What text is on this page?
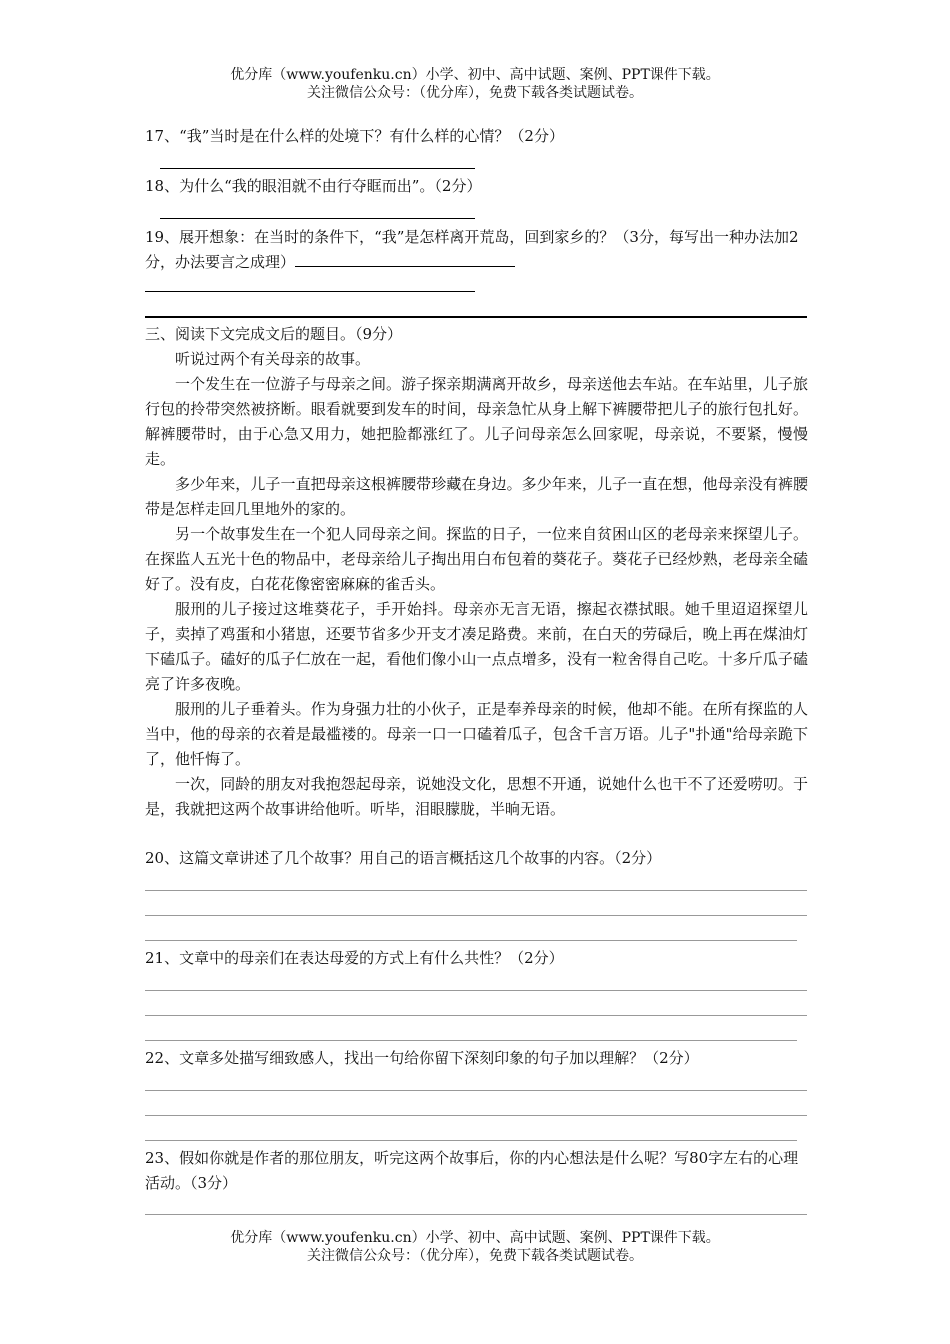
优分库（www.youfenku.cn）小学、初中、高中试题、案例、PPT课件下载。
关注微信公众号：（优分库），免费下载各类试题试卷。
17、“我”当时是在什么样的处境下？有什么样的心情？（2分）
18、为什么“我的眼泪就不由行夺眶而出”。（2分）
19、展开想象：在当时的条件下，“我”是怎样离开荒岛，回到家乡的？（3分，每写出一种办法加2分，办法要言之成理）
三、阅读下文完成文后的题目。（9分）

听说过两个有关母亲的故事。

一个发生在一位游子与母亲之间。游子探亲期满离开故乡，母亲送他去车站。在车站里，儿子旅行包的拎带突然被挤断。眼看就要到发车的时间，母亲急忙从身上解下裤腰带把儿子的旅行包扎好。解裤腰带时，由于心急又用力，她把脸都涨红了。儿子问母亲怎么回家呢，母亲说，不要紧，慢慢走。

多少年来，儿子一直把母亲这根裤腰带珍藏在身边。多少年来，儿子一直在想，他母亲没有裤腰带是怎样走回几里地外的家的。

另一个故事发生在一个犯人同母亲之间。探监的日子，一位来自贫困山区的老母亲来探望儿子。在探监人五光十色的物品中，老母亲给儿子掏出用白布包着的葵花子。葵花子已经炒熟，老母亲全磕好了。没有皮，白花花像密密麻麻的雀舌头。

服刑的儿子接过这堆葵花子，手开始抖。母亲亦无言无语，擦起衣襟拭眼。她千里迢迢探望儿子，卖掉了鸡蛋和小猪崽，还要节省多少开支才凑足路费。来前，在白天的劳碌后，晚上再在煤油灯下磕瓜子。磕好的瓜子仁放在一起，看他们像小山一点点增多，没有一粒舍得自己吃。十多斤瓜子磕亮了许多夜晚。

服刑的儿子垂着头。作为身强力壮的小伙子，正是奉养母亲的时候，他却不能。在所有探监的人当中，他的母亲的衣着是最褴褛的。母亲一口一口磕着瓜子，包含千言万语。儿子"扑通"给母亲跪下了，他忏悔了。

一次，同龄的朋友对我抱怨起母亲，说她没文化，思想不开通，说她什么也干不了还爱唠叨。于是，我就把这两个故事讲给他听。听毕，泪眼朦胧，半晌无语。

20、这篇文章讲述了几个故事？用自己的语言概括这几个故事的内容。（2分）
21、文章中的母亲们在表达母爱的方式上有什么共性？（2分）
22、文章多处描写细致感人，找出一句给你留下深刻印象的句子加以理解？（2分）
23、假如你就是作者的那位朋友，听完这两个故事后，你的内心想法是什么呢？写80字左右的心理活动。（3分）
优分库（www.youfenku.cn）小学、初中、高中试题、案例、PPT课件下载。
关注微信公众号：（优分库），免费下载各类试题试卷。
